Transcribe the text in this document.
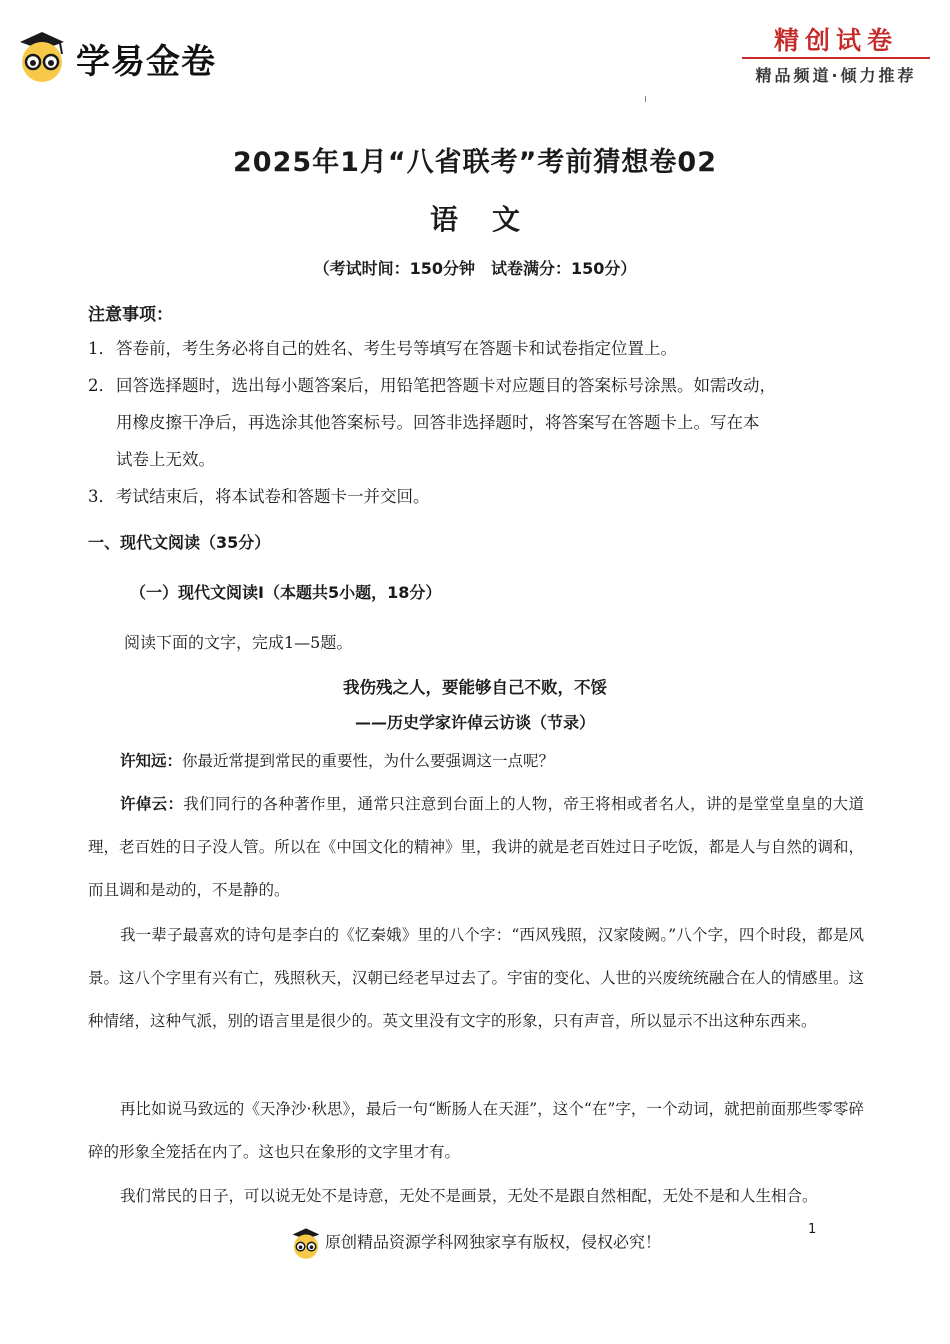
学易金卷
精创试卷
精品频道·倾力推荐
2025年1月“八省联考”考前猜想卷02
语文
（考试时间：150分钟　试卷满分：150分）
注意事项：
1．答卷前，考生务必将自己的姓名、考生号等填写在答题卡和试卷指定位置上。
2．回答选择题时，选出每小题答案后，用铅笔把答题卡对应题目的答案标号涂黑。如需改动，
用橡皮擦干净后，再选涂其他答案标号。回答非选择题时，将答案写在答题卡上。写在本
试卷上无效。
3．考试结束后，将本试卷和答题卡一并交回。
一、现代文阅读（35分）
（一）现代文阅读Ⅰ（本题共5小题，18分）
阅读下面的文字，完成1—5题。
我伤残之人，要能够自己不败，不馁
——历史学家许倬云访谈（节录）
许知远：你最近常提到常民的重要性，为什么要强调这一点呢？
许倬云：我们同行的各种著作里，通常只注意到台面上的人物，帝王将相或者名人，讲的是堂堂皇皇的大道理，老百姓的日子没人管。所以在《中国文化的精神》里，我讲的就是老百姓过日子吃饭，都是人与自然的调和，而且调和是动的，不是静的。
我一辈子最喜欢的诗句是李白的《忆秦娥》里的八个字：“西风残照，汉家陵阙。”八个字，四个时段，都是风景。这八个字里有兴有亡，残照秋天，汉朝已经老早过去了。宇宙的变化、人世的兴废统统融合在人的情感里。这种情绪，这种气派，别的语言里是很少的。英文里没有文字的形象，只有声音，所以显示不出这种东西来。
再比如说马致远的《天净沙·秋思》，最后一句“断肠人在天涯”，这个“在”字，一个动词，就把前面那些零零碎碎的形象全笼括在内了。这也只在象形的文字里才有。
我们常民的日子，可以说无处不是诗意，无处不是画景，无处不是跟自然相配，无处不是和人生相合。
原创精品资源学科网独家享有版权，侵权必究！
1
